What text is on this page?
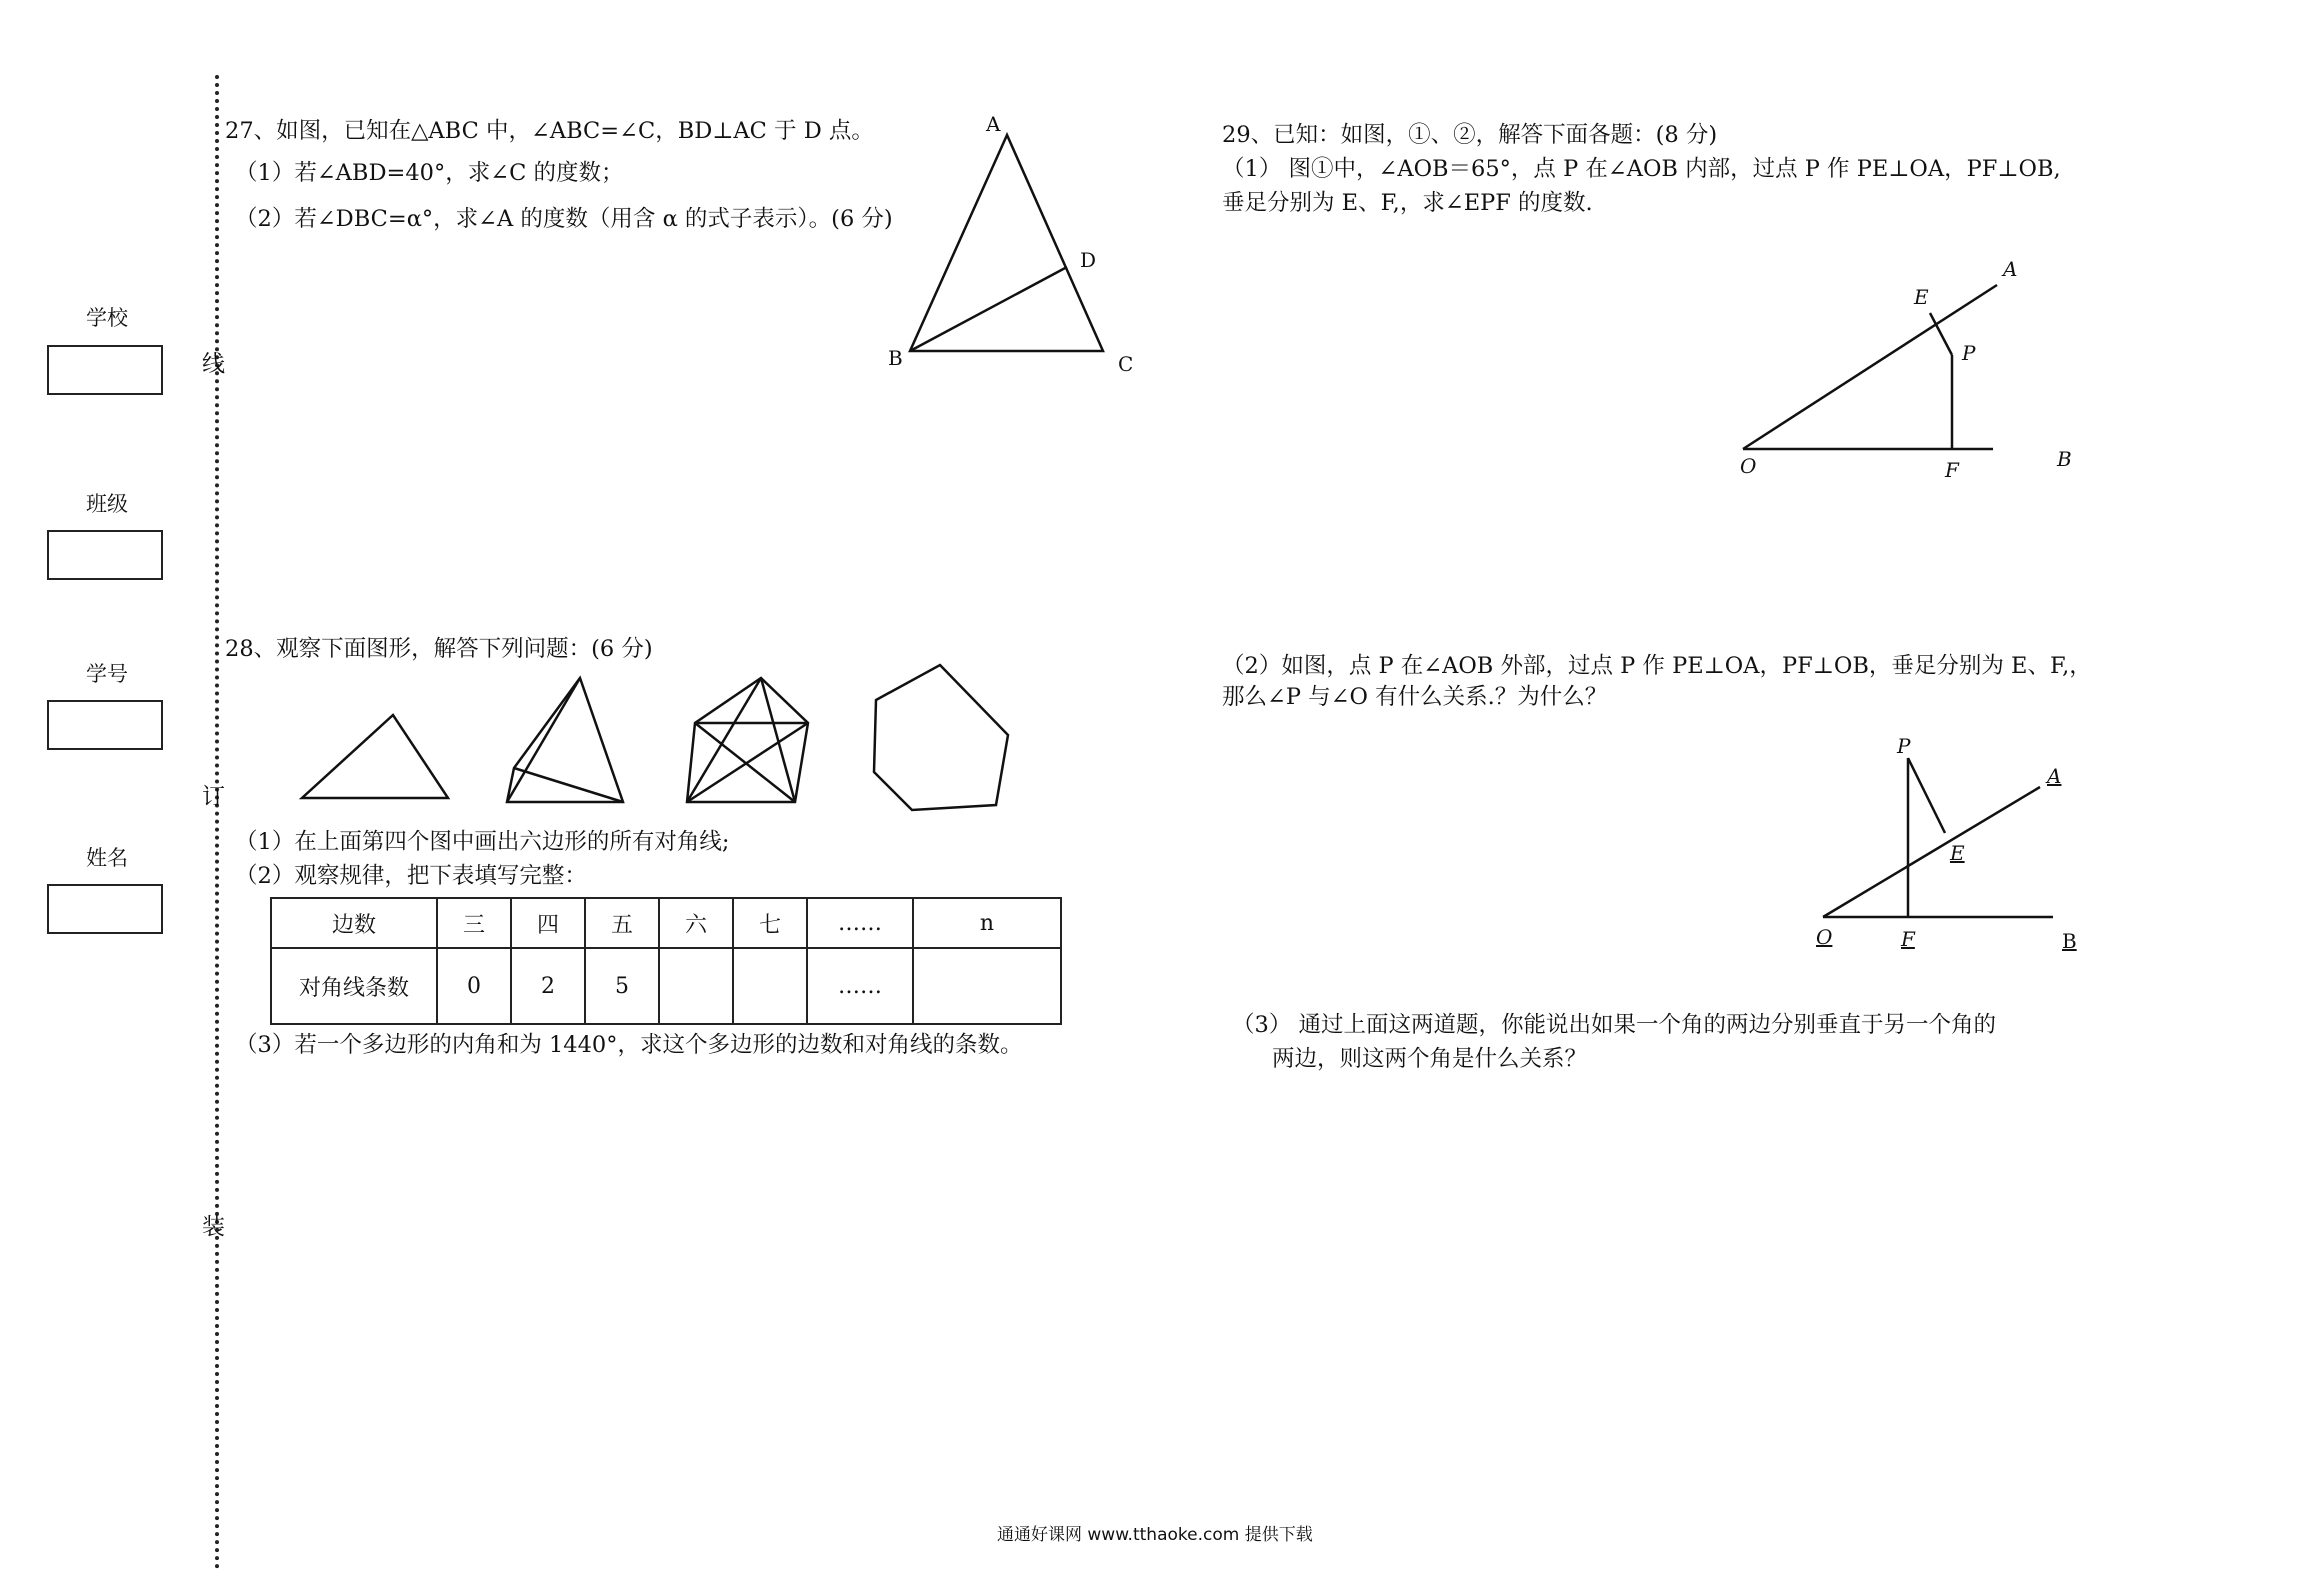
学校
班级
学号
姓名
线
订
装
27、如图，已知在△ABC 中，∠ABC=∠C，BD⊥AC 于 D 点。
（1）若∠ABD=40°，求∠C 的度数；
（2）若∠DBC=α°，求∠A 的度数（用含 α 的式子表示）。(6 分)
A
D
B	C
28、观察下面图形，解答下列问题：(6 分)
（1）在上面第四个图中画出六边形的所有对角线;
（2）观察规律，把下表填写完整：
边数	三	四	五	六	七	……	n
对角线条数	0	2	5			……	
（3）若一个多边形的内角和为 1440°，求这个多边形的边数和对角线的条数。
29、已知：如图，①、②，解答下面各题：(8 分)
（1） 图①中，∠AOB＝65°，点 P 在∠AOB 内部，过点 P 作 PE⊥OA，PF⊥OB,
垂足分别为 E、F,，求∠EPF 的度数.
A
E
P
O	F	B
（2）如图，点 P 在∠AOB 外部，过点 P 作 PE⊥OA，PF⊥OB，垂足分别为 E、F,，
那么∠P 与∠O 有什么关系.？为什么？
P
A
E
O	F	B
（3） 通过上面这两道题，你能说出如果一个角的两边分别垂直于另一个角的
两边，则这两个角是什么关系？
通通好课网 www.tthaoke.com 提供下载
